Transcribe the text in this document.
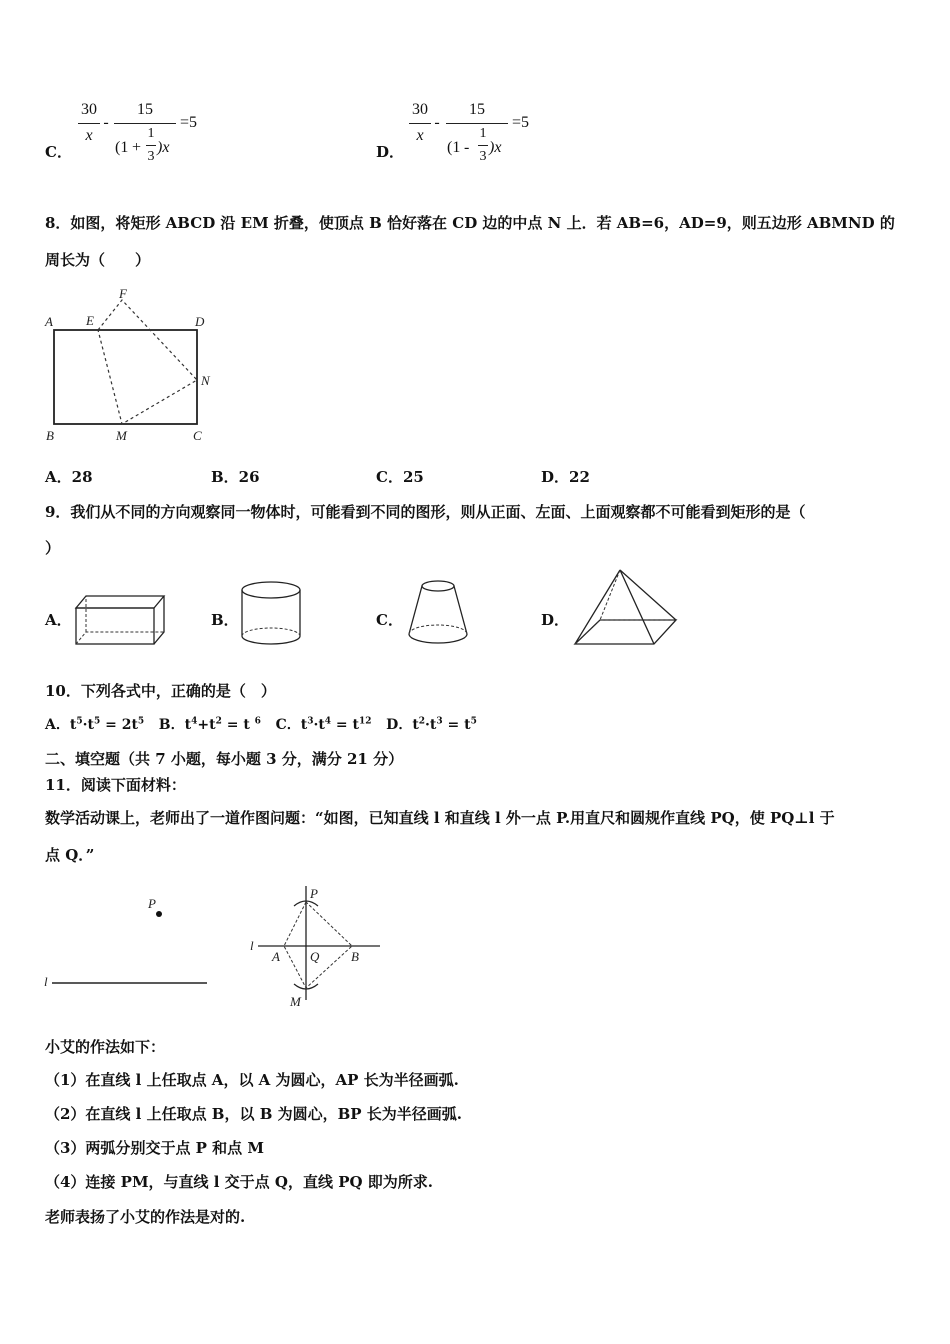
C．
30
x
-
15
(1 +
1
3
)x
=5
D．
30
x
-
15
(1 -
1
3
)x
=5
8．如图，将矩形 ABCD 沿 EM 折叠，使顶点 B 恰好落在 CD 边的中点 N 上．若 AB=6，AD=9，则五边形 ABMND 的
周长为（　　）
A	E
F
D
N
B	M	C
A．28	B．26	C．25	D．22
9．我们从不同的方向观察同一物体时，可能看到不同的图形，则从正面、左面、上面观察都不可能看到矩形的是（
）
A．	B．	C．	D．
10．下列各式中，正确的是（　）
A．$t^5\cdot t^5 = 2t^5$ B．$t^4+t^2 = t$ $^6$ C．$t^3\cdot t^4 = t^{12}$ D．$t^2\cdot t^3 = t^5$
二、填空题（共 7 小题，每小题 3 分，满分 21 分）
11．阅读下面材料：
数学活动课上，老师出了一道作图问题：“如图，已知直线 l 和直线 l 外一点 P.用直尺和圆规作直线 PQ，使 PQ⊥l 于
点 Q．”
P
l
P
l
A Q B
M
小艾的作法如下：
（1）在直线 l 上任取点 A，以 A 为圆心，AP 长为半径画弧.
（2）在直线 l 上任取点 B，以 B 为圆心，BP 长为半径画弧.
（3）两弧分别交于点 P 和点 M
（4）连接 PM，与直线 l 交于点 Q，直线 PQ 即为所求.
老师表扬了小艾的作法是对的.
